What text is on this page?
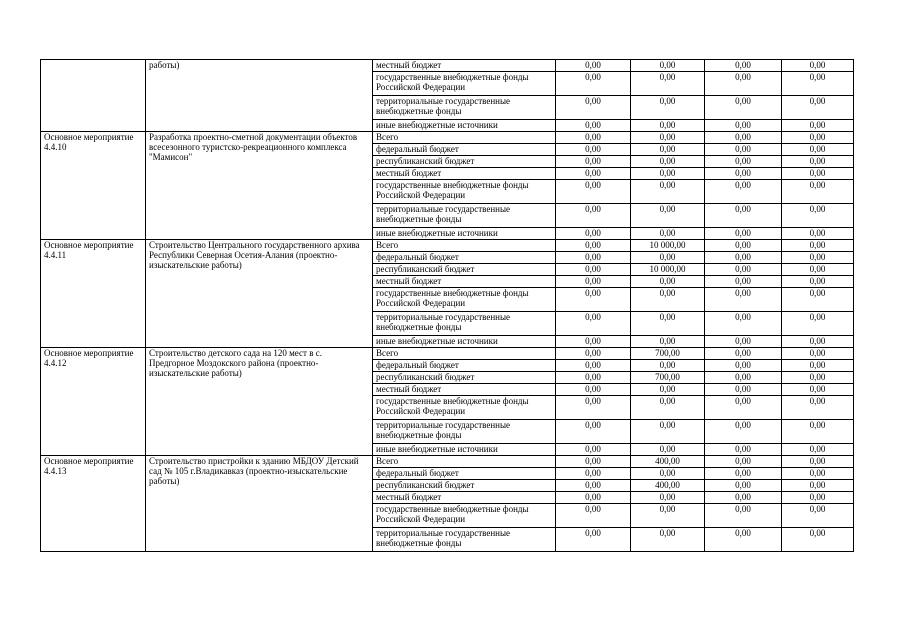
	работы)	местный бюджет	0,00	0,00	0,00	0,00
		государственные внебюджетные фонды Российской Федерации	0,00	0,00	0,00	0,00
		территориальные государственные внебюджетные фонды	0,00	0,00	0,00	0,00
		иные внебюджетные источники	0,00	0,00	0,00	0,00
Основное мероприятие 4.4.10	Разработка проектно-сметной документации объектов всесезонного туристско-рекреационного комплекса "Мамисон"	Всего	0,00	0,00	0,00	0,00
		федеральный бюджет	0,00	0,00	0,00	0,00
		республиканский бюджет	0,00	0,00	0,00	0,00
		местный бюджет	0,00	0,00	0,00	0,00
		государственные внебюджетные фонды Российской Федерации	0,00	0,00	0,00	0,00
		территориальные государственные внебюджетные фонды	0,00	0,00	0,00	0,00
		иные внебюджетные источники	0,00	0,00	0,00	0,00
Основное мероприятие 4.4.11	Строительство Центрального государственного архива Республики Северная Осетия-Алания (проектно-изыскательские работы)	Всего	0,00	10 000,00	0,00	0,00
		федеральный бюджет	0,00	0,00	0,00	0,00
		республиканский бюджет	0,00	10 000,00	0,00	0,00
		местный бюджет	0,00	0,00	0,00	0,00
		государственные внебюджетные фонды Российской Федерации	0,00	0,00	0,00	0,00
		территориальные государственные внебюджетные фонды	0,00	0,00	0,00	0,00
		иные внебюджетные источники	0,00	0,00	0,00	0,00
Основное мероприятие 4.4.12	Строительство детского сада на 120 мест в с. Предгорное Моздокского района (проектно-изыскательские работы)	Всего	0,00	700,00	0,00	0,00
		федеральный бюджет	0,00	0,00	0,00	0,00
		республиканский бюджет	0,00	700,00	0,00	0,00
		местный бюджет	0,00	0,00	0,00	0,00
		государственные внебюджетные фонды Российской Федерации	0,00	0,00	0,00	0,00
		территориальные государственные внебюджетные фонды	0,00	0,00	0,00	0,00
		иные внебюджетные источники	0,00	0,00	0,00	0,00
Основное мероприятие 4.4.13	Строительство пристройки к зданию МБДОУ Детский сад № 105 г.Владикавказ (проектно-изыскательские работы)	Всего	0,00	400,00	0,00	0,00
		федеральный бюджет	0,00	0,00	0,00	0,00
		республиканский бюджет	0,00	400,00	0,00	0,00
		местный бюджет	0,00	0,00	0,00	0,00
		государственные внебюджетные фонды Российской Федерации	0,00	0,00	0,00	0,00
		территориальные государственные внебюджетные фонды	0,00	0,00	0,00	0,00
